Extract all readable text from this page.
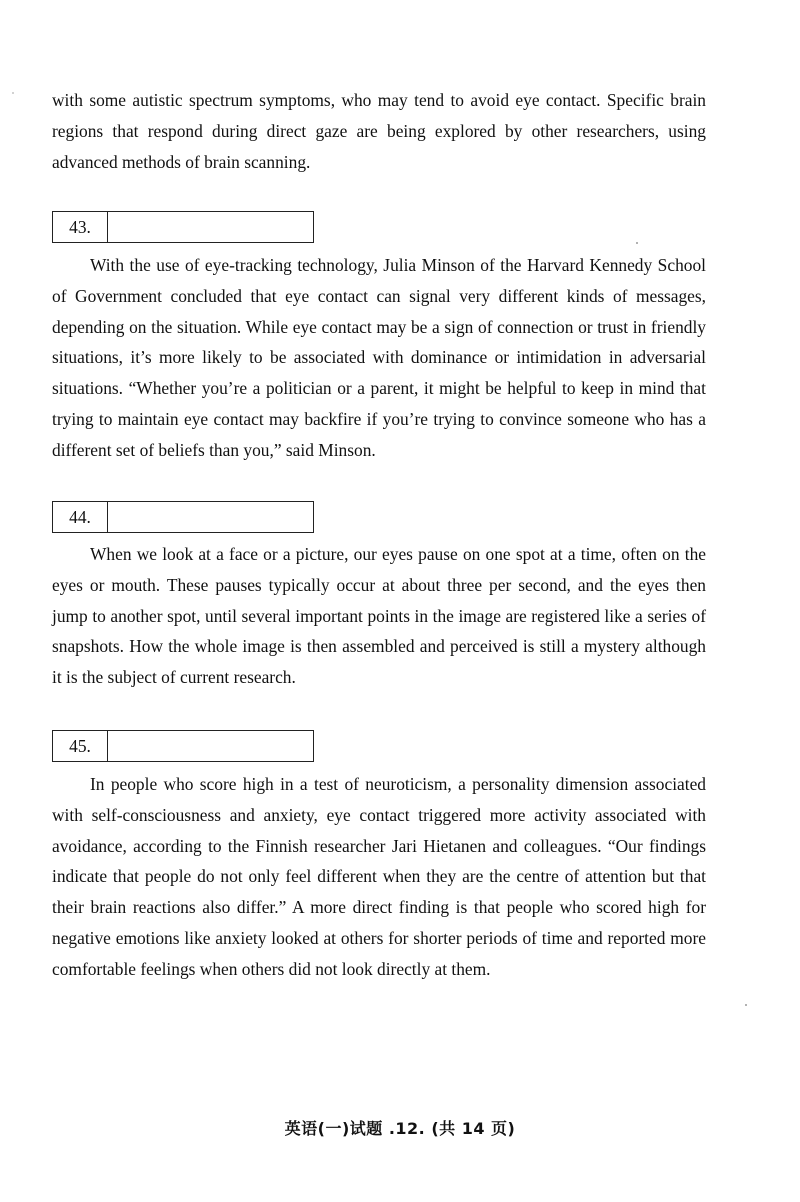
with some autistic spectrum symptoms, who may tend to avoid eye contact. Specific brain regions that respond during direct gaze are being explored by other researchers, using advanced methods of brain scanning.

43.

With the use of eye-tracking technology, Julia Minson of the Harvard Kennedy School of Government concluded that eye contact can signal very different kinds of messages, depending on the situation. While eye contact may be a sign of connection or trust in friendly situations, it’s more likely to be associated with dominance or intimidation in adversarial situations. “Whether you’re a politician or a parent, it might be helpful to keep in mind that trying to maintain eye contact may backfire if you’re trying to convince someone who has a different set of beliefs than you,” said Minson.

44.

When we look at a face or a picture, our eyes pause on one spot at a time, often on the eyes or mouth. These pauses typically occur at about three per second, and the eyes then jump to another spot, until several important points in the image are registered like a series of snapshots. How the whole image is then assembled and perceived is still a mystery although it is the subject of current research.

45.

In people who score high in a test of neuroticism, a personality dimension associated with self-consciousness and anxiety, eye contact triggered more activity associated with avoidance, according to the Finnish researcher Jari Hietanen and colleagues. “Our findings indicate that people do not only feel different when they are the centre of attention but that their brain reactions also differ.” A more direct finding is that people who scored high for negative emotions like anxiety looked at others for shorter periods of time and reported more comfortable feelings when others did not look directly at them.

英语(一)试题 .12. (共 14 页)
